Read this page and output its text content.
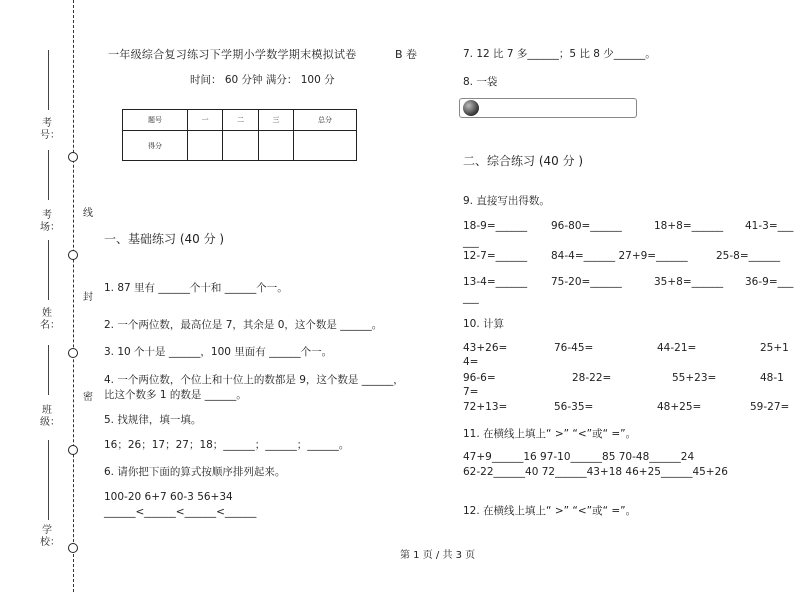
考号：
考场：
姓名：
班级：
学校：
线
封
密
一年级综合复习练习下学期小学数学期末模拟试卷	B 卷
时间： 60 分钟 满分： 100 分
题号	一	二	三	总分
得分				
一、基础练习 (40 分 )
1. 87 里有 ______个十和 ______个一。
2. 一个两位数，最高位是 7，其余是 0，这个数是 ______。
3. 10 个十是 ______，100 里面有 ______个一。
4. 一个两位数，个位上和十位上的数都是 9，这个数是 ______，
比这个数多 1 的数是 ______。
5. 找规律，填一填。
16；26；17；27；18；______；______；______。
6. 请你把下面的算式按顺序排列起来。
100-20 6+7 60-3 56+34
______<______<______<______
7. 12 比 7 多______；5 比 8 少______。
8. 一袋
二、综合练习 (40 分 )
9. 直接写出得数。
18-9=______ 96-80=______	18+8=______ 41-3=___
___
12-7=______ 84-4=______ 27+9=______	25-8=______
13-4=______ 75-20=______	35+8=______ 36-9=___
___
10. 计算
43+26=	76-45=	44-21=	25+1
4=
96-6=	28-22=	55+23=	48-1
7=
72+13=	56-35=	48+25=	59-27=
11. 在横线上填上“ >” “<”或“ =”。
47+9______16 97-10______85 70-48______24
62-22______40 72______43+18 46+25______45+26
12. 在横线上填上“ >” “<”或“ =”。
第 1 页 / 共 3 页
